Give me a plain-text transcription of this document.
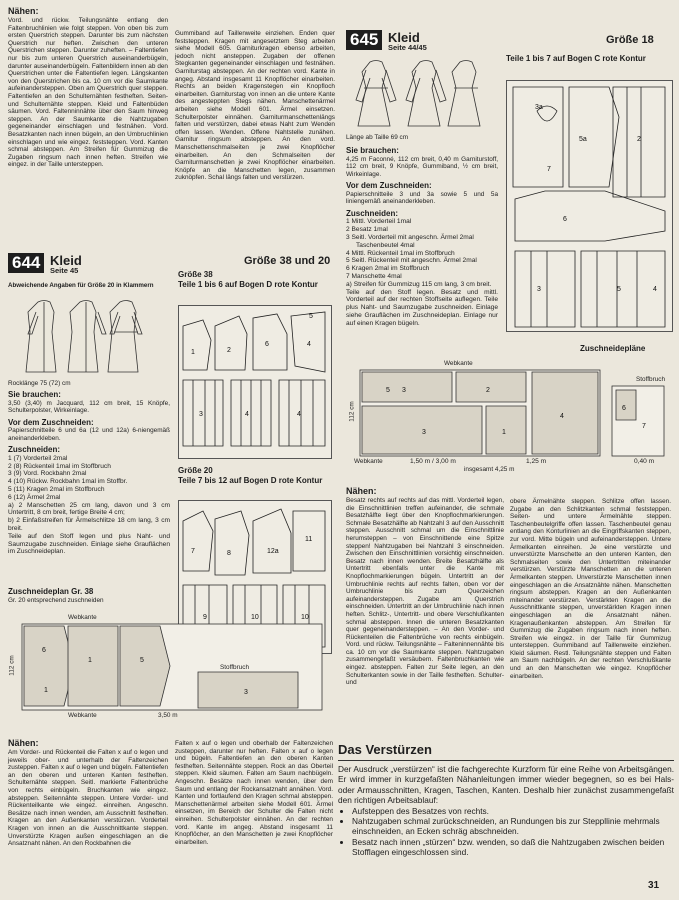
Nähen:
Vord. und rückw. Teilungsnähte entlang den Faltenbruchlinien wie folgt steppen. Von oben bis zum ersten Querstrich steppen. Darunter bis zum nächsten Querstrich nur heften. Zwischen den unteren Querstrichen steppen. Darunter zuheften. – Faltentiefen nur bis zum unteren Querstrich auseinanderbügeln, darunter auseinanderbügeln. Faltenbildern innen ab den Querstrichen unter die Faltentiefen legen. Längskanten von den Querstrichen bis ca. 10 cm vor die Saumkante aufeinandersteppen. Oben am Querstrich quer steppen. Faltentiefen an den Schulternähten festheften. Seiten- und Schulternähte steppen. Kleid und Faltenbüden säumen. Vord. Faltenninnähte über den Saum hinweg steppen. An der Saumkante die Nahtzugaben gegeneinander einschlagen und festnähen. Vord. Besatzkanten nach innen bügeln, an den Umbruchlinien einschlagen und wie eingez. feststeppen. Vord. Kanten schmal absteppen. Am Streifen für Gummizug die Zugaben ringsum nach innen heften. Streifen wie eingez. in der Taille untersteppen.
Gummiband auf Taillenweite einziehen. Enden quer feststeppen. Kragen mit angesetztem Steg arbeiten siehe Modell 605. Garniturkragen ebenso arbeiten, jedoch nicht ansteppen. Zugaben der offenen Stegkanten gegeneinander einschlagen und festnähen. Garniturstag absteppen. An der rechten vord. Kante in angeg. Abstand insgesamt 11 Knopflöcher einarbeiten. Rechts an beiden Kragenstegen ein Knopfloch einarbeiten. Garniturstag von innen an die untere Kante des angesteppten Stegs nähen. Manschettenärmel arbeiten siehe Modell 601. Ärmel einsetzen. Schulterpolster einnähen. Garniturmanschettenlängs falten und verstürzen, dabei etwas Naht zum Wenden offen lassen. Wenden. Offene Nahtstelle zunähen. Garnitur ringsum absteppen. An den vord. Manschettenschmalseiten je zwei Knopflöcher einarbeiten. An den Schmalseiten der Garniturmanschetten je zwei Knopflöcher einarbeiten. Knöpfe an die Manschetten legen, zusammen zuknöpfen. Schal längs falten und verstürzen.
644 Kleid
Seite 45
Größe 38 und 20
Abweichende Angaben für Größe 20 in Klammern
Rocklänge 75 (72) cm
Sie brauchen:
3,50 (3,40) m Jacquard, 112 cm breit, 15 Knöpfe, Schulterpolster, Wirkeinlage.
Vor dem Zuschneiden:
Papierschnitteile 6 und 6a (12 und 12a) 6-niengemäß aneinanderkleben.
Zuschneiden:
1 (7) Vorderteil 2mal
2 (8) Rückenteil 1mal im Stoffbruch
3 (9) Vord. Rockbahn 2mal
4 (10) Rückw. Rockbahn 1mal im Stoffbr.
5 (11) Kragen 2mal im Stoffbruch
6 (12) Ärmel 2mal
a) 2 Manschetten 25 cm lang, davon und 3 cm Untertritt, 8 cm breit, fertige Breite 4 cm;
b) 2 Einfaßstreifen für Ärmelschlitze 18 cm lang, 3 cm breit.
Teile auf den Stoff legen und plus Naht- und Saumzugabe zuschneiden. Einlage siehe Grauflächen im Zuschneideplan.
Zuschneideplan Gr. 38
Gr. 20 entsprechend zuschneiden
Größe 38
Teile 1 bis 6 auf Bogen D rote Kontur
1	2
6	4
3	4	4
5
Größe 20
Teile 7 bis 12 auf Bogen D rote Kontur
7	8	12a
11
9	10	10
6
1	5
1	3
Webkante
Stoffbruch
112 cm
Webkante	3,50 m
Nähen:
Am Vorder- und Rückenteil die Falten x auf o legen und jeweils ober- und unterhalb der Faltenzeichen zusteppen. Falten x auf o legen und bügeln. Faltentiefen an den oberen und unteren Kanten festheften. Schulternähte steppen. Seitl. markierte Faltenbrüche von rechts einbügeln. Bruchkanten wie eingez. absteppen. Seitennähte steppen. Untere Vorder- und Rückenteilkante wie eingez. einreihen. Angeschn. Besätze nach innen wenden, am Ausschnitt festheften. Kragen an den Außenkanten verstürzen. Vorderteil Kragen von innen an die Ausschnittkante steppen. Unverstürzte Kragen außen eingeschlagen an die Ansatznaht nähen. An den Rockbahnen die
Falten x auf o legen und oberhalb der Faltenzeichen zusteppen, darunter nur heften. Falten x auf o legen und bügeln. Faltentiefen an den oberen Kanten festheften. Seitennähte steppen. Rock an das Oberteil steppen. Kleid säumen. Falten am Saum nachbügeln. Angeschn. Besätze nach innen wenden, über dem Saum und entlang der Rockansatznaht annähen. Vord. Kanten und fortlaufend den Kragen schmal absteppen. Manschettenärmel arbeiten siehe Modell 601. Ärmel einsetzen, im Bereich der Schulter die Falten nicht einreihen. Schulterpolster einnähen. An der rechten vord. Kante im angeg. Abstand insgesamt 11 Knopflöcher, an den Manschetten je zwei Knopflöcher einarbeiten.
645 Kleid
Seite 44/45
Größe 18
Länge ab Taille 69 cm
Sie brauchen:
4,25 m Faconné, 112 cm breit, 0,40 m Garniturstoff, 112 cm breit, 9 Knöpfe, Gummiband, ½ cm breit, Wirkeinlage.
Vor dem Zuschneiden:
Papierschnitteile 3 und 3a sowie 5 und 5a liniengemäß aneinanderkleben.
Zuschneiden:
1 Mittl. Vorderteil 1mal
2 Besatz 1mal
3 Seitl. Vorderteil mit angeschn. Ärmel 2mal
Taschenbeutel 4mal
4 Mittl. Rückenteil 1mal im Stoffbruch
5 Seitl. Rückenteil mit angeschn. Ärmel 2mal
6 Kragen 2mal im Stoffbruch
7 Manschette 4mal
a) Streifen für Gummizug 115 cm lang, 3 cm breit.
Teile auf den Stoff legen. Besatz und mittl. Vorderteil auf der rechten Stoffseite auflegen. Teile plus Naht- und Saumzugabe zuschneiden. Einlage siehe Grauflächen im Zuschneideplan. Einlage nur auf einen Kragen bügeln.
Teile 1 bis 7 auf Bogen C rote Kontur
3a
5a	2
6
3	5	4
7
Zuschneidepläne
5 3	2
3	1
4
7
6
Webkante
Stoffbruch
112 cm
Webkante	1,50 m / 3,00 m	1,25 m	0,40 m
insgesamt 4,25 m
Nähen:
Besatz rechts auf rechts auf das mittl. Vorderteil legen, die Einschnittlinien treffen aufeinander, die schmale Besatzhälfte liegt über den Knopflochmarkierungen. Schmale Besatzhälfte ab Nahtzahl 3 auf den Ausschnitt steppen. Ausschnitt schmal um die Einschnittlinie herumsteppen – von Einschnittende eine Spitze steppen! Nahtzugaben bei Nahtzahl 3 einschneiden. Zwischen den Einschnittlinien vorsichtig einschneiden. Besatz nach innen wenden. Breite Besatzhälfte als Untertritt ebenfalls unter die Kante mit Knopflochmarkierungen bügeln. Untertritt an der Umbruchlinie rechts auf rechts falten, oben vor der Umbruchlinie bis zum Querzeichen aufeinandersteppen. Zugabe am Querstrich einschneiden. Untertritt an der Umbruchlinie nach innen heften. Schlitz-, Untertritt- und obere Verschlußkanten schmal absteppen. Innen die unteren Besatzkanten quer gegeneinandersteppen. – An den Vorder- und Rückenteilen die Faltenbrüche von rechts einbügeln. Vord. und rückw. Teilungsnähte – Falteninnennähte bis ca. 10 cm vor die Saumkante steppen. Nahtzugaben zusammengefaßt versäubern. Faltenbruchkanten wie eingez. absteppen. Falten zur Seite legen, an den Schulterkanten sowie in der Taille festheften. Schulter- und
obere Ärmelnähte steppen. Schlitze offen lassen. Zugabe an den Schlitzkanten schmal feststeppen. Seiten- und untere Ärmelnähte steppen. Taschenbeutelgriffe offen lassen. Taschenbeutel genau entlang den Konturlinien an die Eingriffskanten steppen, zur vord. Mitte bügeln und aufeinandersteppen. Untere Ärmelkanten einreihen. Je eine verstürzte und unverstürzte Manschette an den unteren Kanten, den Schmalseiten sowie den Untertritten miteinander verstürzen. Verstürzte Manschetten an die unteren Ärmelkanten steppen. Unverstürzte Manschetten innen eingeschlagen an die Ansatznähte nähen. Manschetten ringsum absteppen. Kragen an den Außenkanten miteinander verstürzen. Verstärkten Kragen an die Ausschnittkante steppen, unverstärkten Kragen innen eingeschlagen an die Ansatznaht nähen. Kragenaußenkanten absteppen. Am Streifen für Gummizug die Zugaben ringsum nach innen heften. Streifen wie eingez. in der Taille für Gummizug untersteppen. Gummiband auf Taillenweite einziehen. Kleid säumen. Restl. Teilungsnähte steppen und Falten am Saum nachbügeln. An der rechten Verschlußkante und an den Manschetten wie eingez. Knopflöcher einarbeiten.
Das Verstürzen
Der Ausdruck „verstürzen“ ist die fachgerechte Kurzform für eine Reihe von Arbeitsgängen. Er wird immer in kurzgefaßten Nähanleitungen immer wieder begegnen, so es bei Hals- oder Armausschnitten, Kragen, Taschen, Kanten. Deshalb hier zunächst zusammengefaßt den richtigen Arbeitsablauf:
• Aufsteppen des Besatzes von rechts.
• Nahtzugaben schmal zurückschneiden, an Rundungen bis zur Steppllinie mehrmals einschneiden, an Ecken schräg abschneiden.
• Besatz nach innen „stürzen“ bzw. wenden, so daß die Nahtzugaben zwischen beiden Stofflagen eingeschlossen sind.
31
